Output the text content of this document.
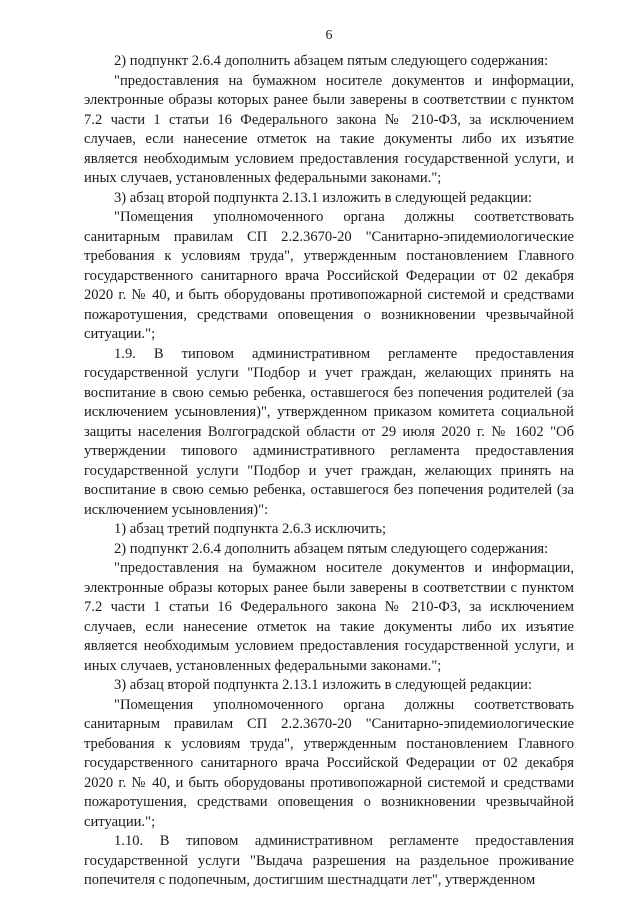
6

2) подпункт 2.6.4 дополнить абзацем пятым следующего содержания:

"предоставления на бумажном носителе документов и информации, электронные образы которых ранее были заверены в соответствии с пунктом 7.2 части 1 статьи 16 Федерального закона № 210-ФЗ, за исключением случаев, если нанесение отметок на такие документы либо их изъятие является необходимым условием предоставления государственной услуги, и иных случаев, установленных федеральными законами.";

3) абзац второй подпункта 2.13.1 изложить в следующей редакции:

"Помещения уполномоченного органа должны соответствовать санитарным правилам СП 2.2.3670-20 "Санитарно-эпидемиологические требования к условиям труда", утвержденным постановлением Главного государственного санитарного врача Российской Федерации от 02 декабря 2020 г. № 40, и быть оборудованы противопожарной системой и средствами пожаротушения, средствами оповещения о возникновении чрезвычайной ситуации.";

1.9. В типовом административном регламенте предоставления государственной услуги "Подбор и учет граждан, желающих принять на воспитание в свою семью ребенка, оставшегося без попечения родителей (за исключением усыновления)", утвержденном приказом комитета социальной защиты населения Волгоградской области от 29 июля 2020 г. № 1602 "Об утверждении типового административного регламента предоставления государственной услуги "Подбор и учет граждан, желающих принять на воспитание в свою семью ребенка, оставшегося без попечения родителей (за исключением усыновления)":

1) абзац третий подпункта 2.6.3 исключить;

2) подпункт 2.6.4 дополнить абзацем пятым следующего содержания:

"предоставления на бумажном носителе документов и информации, электронные образы которых ранее были заверены в соответствии с пунктом 7.2 части 1 статьи 16 Федерального закона № 210-ФЗ, за исключением случаев, если нанесение отметок на такие документы либо их изъятие является необходимым условием предоставления государственной услуги, и иных случаев, установленных федеральными законами.";

3) абзац второй подпункта 2.13.1 изложить в следующей редакции:

"Помещения уполномоченного органа должны соответствовать санитарным правилам СП 2.2.3670-20 "Санитарно-эпидемиологические требования к условиям труда", утвержденным постановлением Главного государственного санитарного врача Российской Федерации от 02 декабря 2020 г. № 40, и быть оборудованы противопожарной системой и средствами пожаротушения, средствами оповещения о возникновении чрезвычайной ситуации.";

1.10. В типовом административном регламенте предоставления государственной услуги "Выдача разрешения на раздельное проживание попечителя с подопечным, достигшим шестнадцати лет", утвержденном
